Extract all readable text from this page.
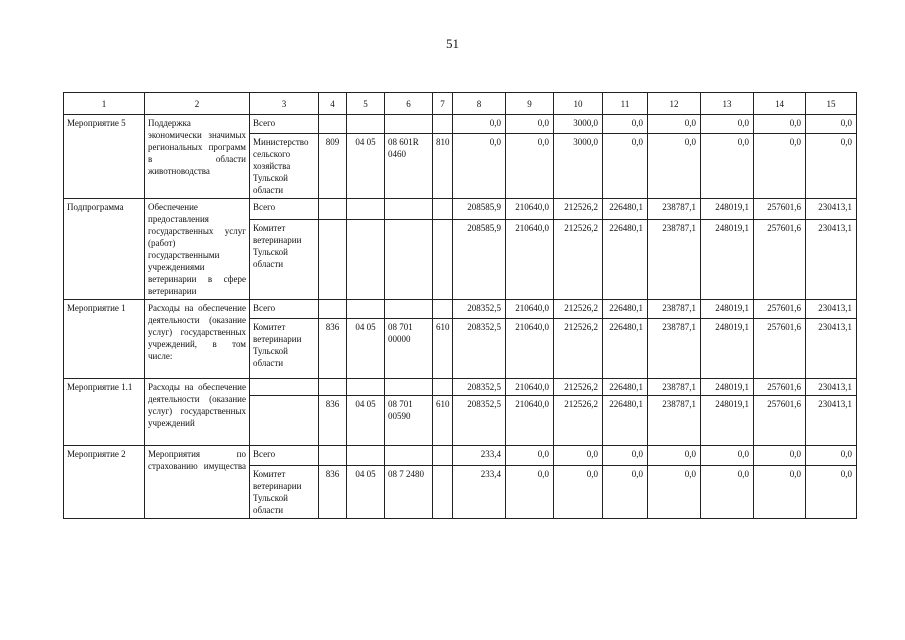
51
1	2	3	4	5	6	7	8	9	10	11	12	13	14	15
Мероприятие 5	Поддержка экономически значимых региональных программ в области животноводства	Всего					0,0	0,0	3000,0	0,0	0,0	0,0	0,0	0,0
		Министерство сельского хозяйства Тульской области	809	04 05	08 601R 0460	810	0,0	0,0	3000,0	0,0	0,0	0,0	0,0	0,0
Подпрограмма	Обеспечение предоставления государственных услуг (работ) государственными учреждениями ветеринарии в сфере ветеринарии	Всего					208585,9	210640,0	212526,2	226480,1	238787,1	248019,1	257601,6	230413,1
		Комитет ветеринарии Тульской области					208585,9	210640,0	212526,2	226480,1	238787,1	248019,1	257601,6	230413,1
Мероприятие 1	Расходы на обеспечение деятельности (оказание услуг) государственных учреждений, в том числе:	Всего					208352,5	210640,0	212526,2	226480,1	238787,1	248019,1	257601,6	230413,1
		Комитет ветеринарии Тульской области	836	04 05	08 701 00000	610	208352,5	210640,0	212526,2	226480,1	238787,1	248019,1	257601,6	230413,1
Мероприятие 1.1	Расходы на обеспечение деятельности (оказание услуг) государственных учреждений						208352,5	210640,0	212526,2	226480,1	238787,1	248019,1	257601,6	230413,1
			836	04 05	08 701 00590	610	208352,5	210640,0	212526,2	226480,1	238787,1	248019,1	257601,6	230413,1
Мероприятие 2	Мероприятия по страхованию имущества	Всего					233,4	0,0	0,0	0,0	0,0	0,0	0,0	0,0
		Комитет ветеринарии Тульской области	836	04 05	08 7 2480		233,4	0,0	0,0	0,0	0,0	0,0	0,0	0,0
